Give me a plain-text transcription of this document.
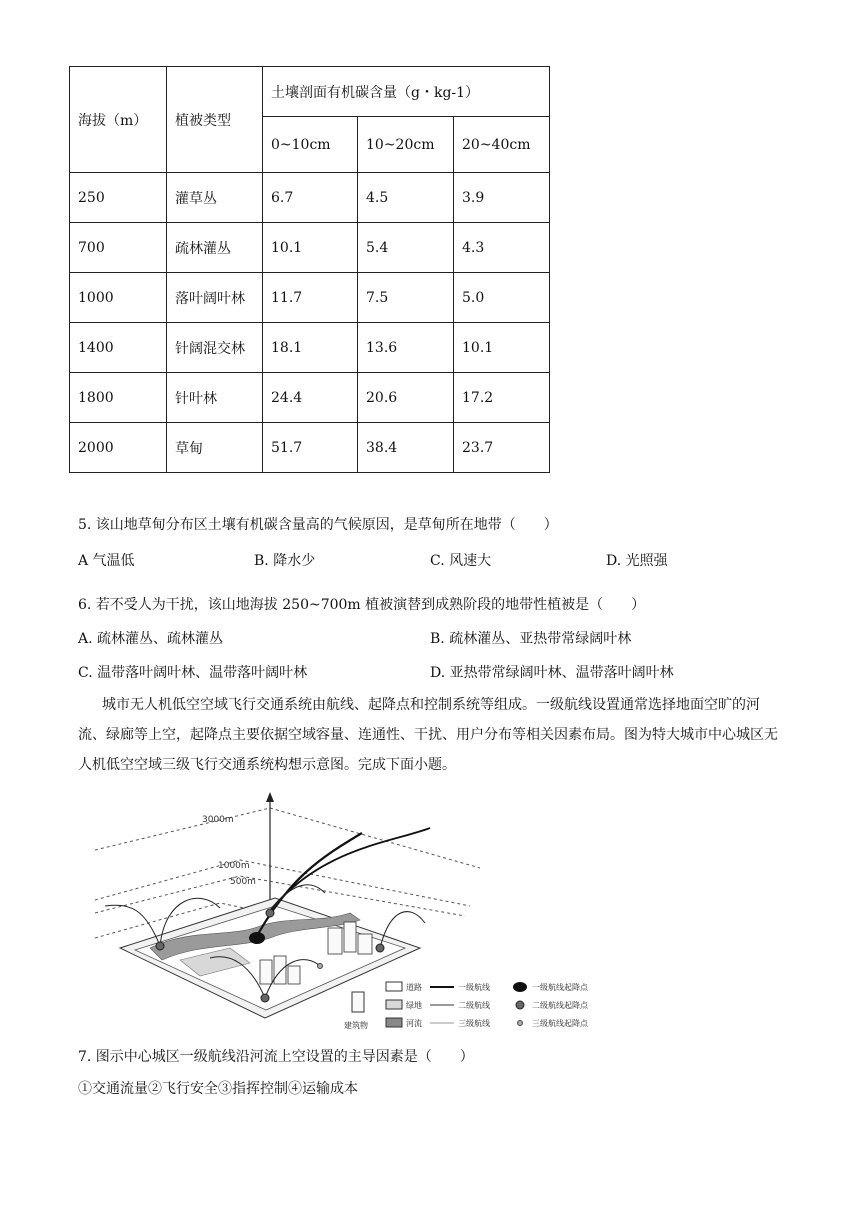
海拔（m）	植被类型	土壤剖面有机碳含量（g・kg-1）		
		0~10cm	10~20cm	20~40cm
250	灌草丛	6.7	4.5	3.9
700	疏林灌丛	10.1	5.4	4.3
1000	落叶阔叶林	11.7	7.5	5.0
1400	针阔混交林	18.1	13.6	10.1
1800	针叶林	24.4	20.6	17.2
2000	草甸	51.7	38.4	23.7
5. 该山地草甸分布区土壤有机碳含量高的气候原因，是草甸所在地带（　　）
A 气温低	B. 降水少	C. 风速大	D. 光照强
6. 若不受人为干扰，该山地海拔 250~700m 植被演替到成熟阶段的地带性植被是（　　）
A. 疏林灌丛、疏林灌丛	B. 疏林灌丛、亚热带常绿阔叶林
C. 温带落叶阔叶林、温带落叶阔叶林	D. 亚热带常绿阔叶林、温带落叶阔叶林
城市无人机低空空域飞行交通系统由航线、起降点和控制系统等组成。一级航线设置通常选择地面空旷的河流、绿廊等上空，起降点主要依据空域容量、连通性、干扰、用户分布等相关因素布局。图为特大城市中心城区无人机低空空域三级飞行交通系统构想示意图。完成下面小题。
3000m
1000m
500m
道路
绿地
河流
建筑物
一级航线
二级航线
三级航线
一级航线起降点
二级航线起降点
三级航线起降点
7. 图示中心城区一级航线沿河流上空设置的主导因素是（　　）
①交通流量②飞行安全③指挥控制④运输成本
